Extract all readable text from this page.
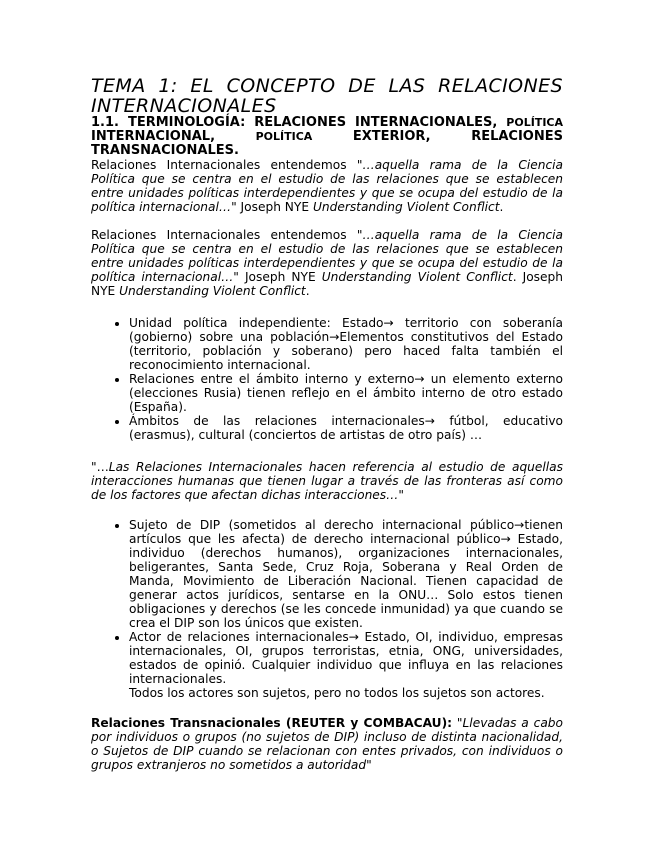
TEMA 1: EL CONCEPTO DE LAS RELACIONES INTERNACIONALES
1.1. TERMINOLOGÍA: RELACIONES INTERNACIONALES, POLÍTICA INTERNACIONAL,	POLÍTICA	EXTERIOR, RELACIONES TRANSNACIONALES.

Relaciones Internacionales entendemos "…aquella rama de la Ciencia Política que se centra en el estudio de las relaciones que se establecen entre unidades políticas interdependientes y que se ocupa del estudio de la política internacional…" Joseph NYE Understanding Violent Conflict.

Relaciones Internacionales entendemos "…aquella rama de la Ciencia Política que se centra en el estudio de las relaciones que se establecen entre unidades políticas interdependientes y que se ocupa del estudio de la política internacional…" Joseph NYE Understanding Violent Conflict. Joseph NYE Understanding Violent Conflict.

• Unidad política independiente: Estado→ territorio con soberanía (gobierno) sobre una población→Elementos constitutivos del Estado (territorio, población y soberano) pero haced falta también el reconocimiento internacional.
• Relaciones entre el ámbito interno y externo→ un elemento externo (elecciones Rusia) tienen reflejo en el ámbito interno de otro estado (España).
• Ámbitos de las relaciones internacionales→ fútbol, educativo (erasmus), cultural (conciertos de artistas de otro país) …

"…Las Relaciones Internacionales hacen referencia al estudio de aquellas interacciones humanas que tienen lugar a través de las fronteras así como de los factores que afectan dichas interacciones…"

• Sujeto de DIP (sometidos al derecho internacional público→tienen artículos que les afecta) de derecho internacional público→ Estado, individuo (derechos humanos), organizaciones internacionales, beligerantes, Santa Sede, Cruz Roja, Soberana y Real Orden de Manda, Movimiento de Liberación Nacional. Tienen capacidad de generar actos jurídicos, sentarse en la ONU… Solo estos tienen obligaciones y derechos (se les concede inmunidad) ya que cuando se crea el DIP son los únicos que existen.
• Actor de relaciones internacionales→ Estado, OI, individuo, empresas internacionales, OI, grupos terroristas, etnia, ONG, universidades, estados de opinió. Cualquier individuo que influya en las relaciones internacionales.

Todos los actores son sujetos, pero no todos los sujetos son actores.

Relaciones Transnacionales (REUTER y COMBACAU): "Llevadas a cabo por individuos o grupos (no sujetos de DIP) incluso de distinta nacionalidad, o Sujetos de DIP cuando se relacionan con entes privados, con individuos o grupos extranjeros no sometidos a autoridad"
